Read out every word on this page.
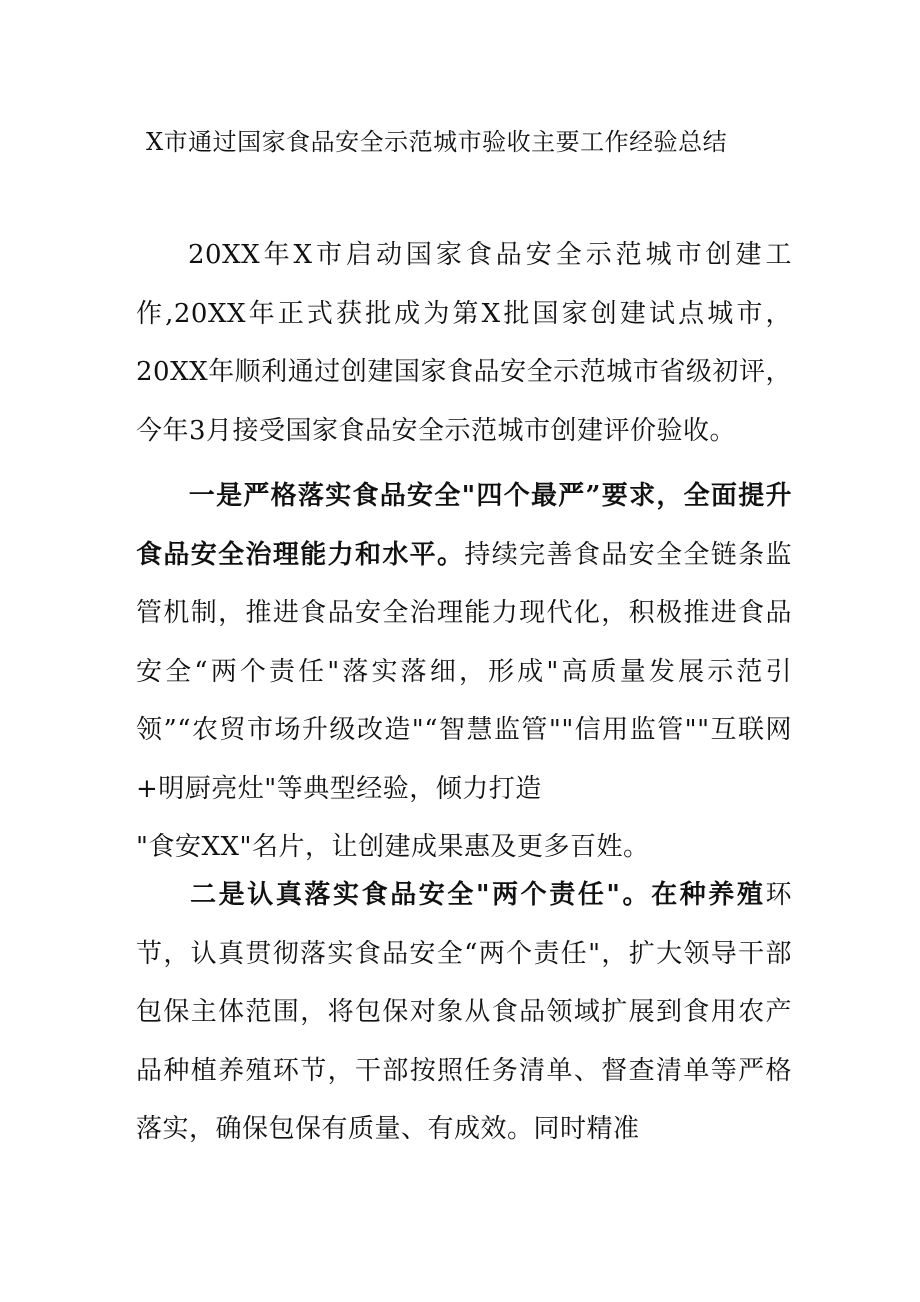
X市通过国家食品安全示范城市验收主要工作经验总结

20XX年X市启动国家食品安全示范城市创建工作,20XX年正式获批成为第X批国家创建试点城市，20XX年顺利通过创建国家食品安全示范城市省级初评，今年3月接受国家食品安全示范城市创建评价验收。

一是严格落实食品安全"四个最严”要求，全面提升食品安全治理能力和水平。持续完善食品安全全链条监管机制，推进食品安全治理能力现代化，积极推进食品安全“两个责任"落实落细，形成"高质量发展示范引领”“农贸市场升级改造"“智慧监管""信用监管""互联网+明厨亮灶"等典型经验，倾力打造

"食安XX"名片，让创建成果惠及更多百姓。

二是认真落实食品安全"两个责任"。在种养殖环节，认真贯彻落实食品安全“两个责任"，扩大领导干部包保主体范围，将包保对象从食品领域扩展到食用农产品种植养殖环节，干部按照任务清单、督查清单等严格落实，确保包保有质量、有成效。同时精准
